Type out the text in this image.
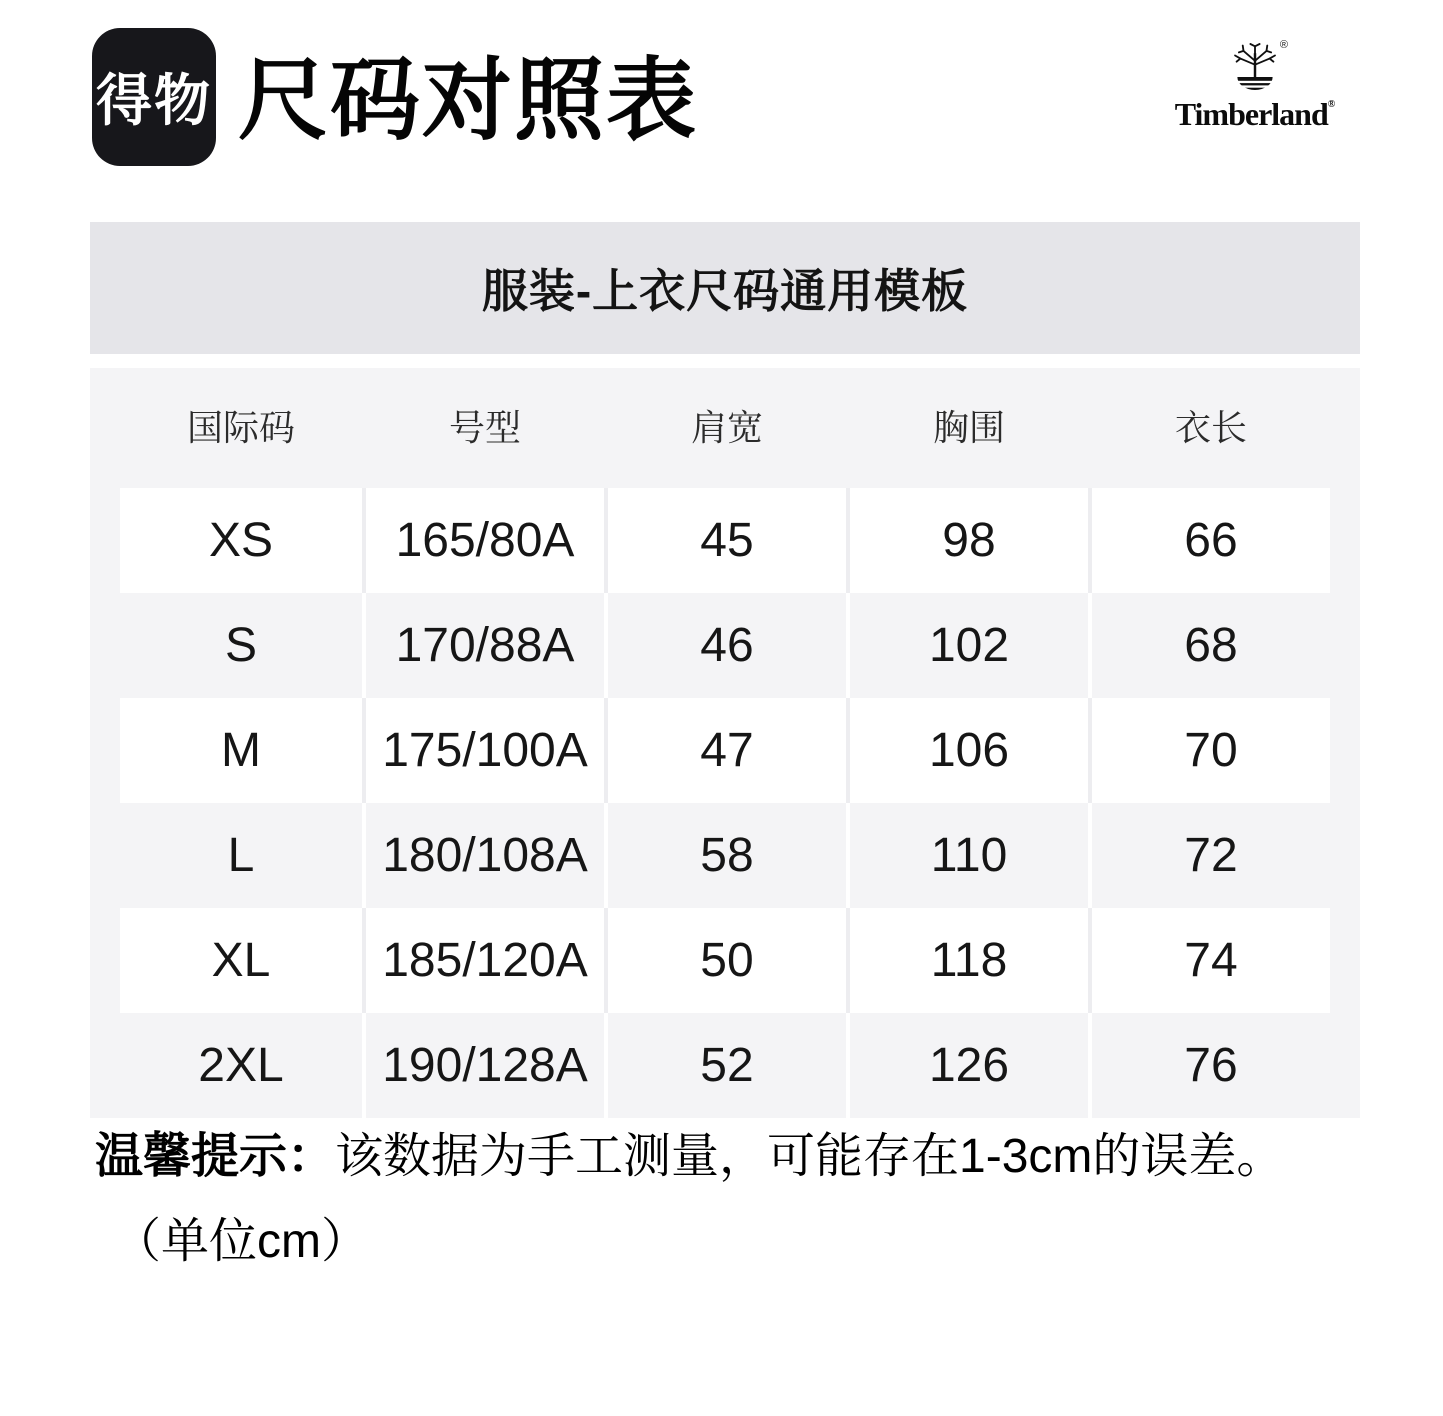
得物 尺码对照表
®
Timberland®
服装-上衣尺码通用模板
国际码	号型	肩宽	胸围	衣长
XS	165/80A	45	98	66
S	170/88A	46	102	68
M	175/100A	47	106	70
L	180/108A	58	110	72
XL	185/120A	50	118	74
2XL	190/128A	52	126	76

温馨提示：该数据为手工测量，可能存在1-3cm的误差。

（单位cm）
